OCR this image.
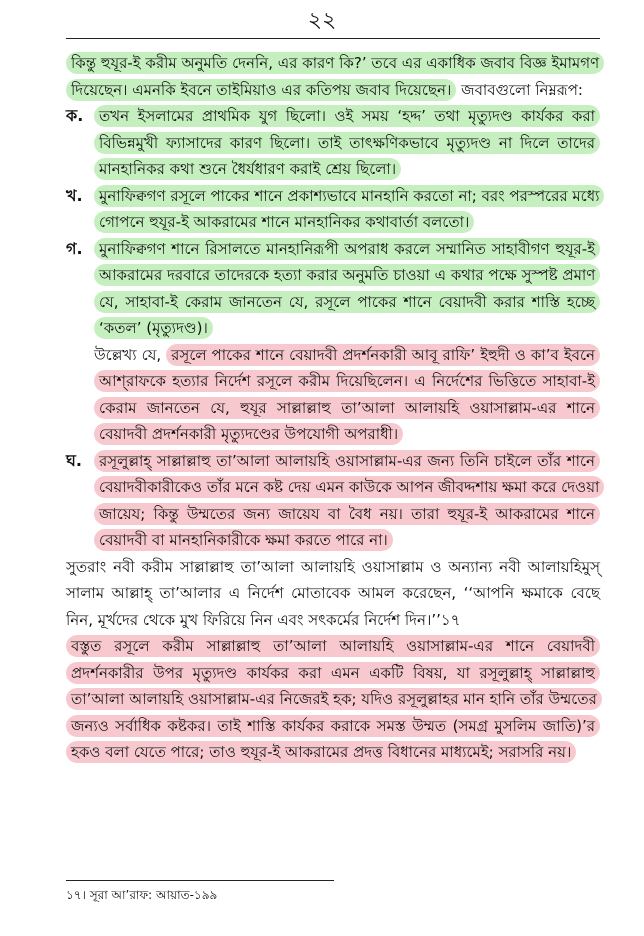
২২

কিন্তু হুযূর-ই করীম অনুমতি দেননি, এর কারণ কি?’ তবে এর একাধিক জবাব বিজ্ঞ ইমামগণ দিয়েছেন। এমনকি ইবনে তাইমিয়াও এর কতিপয় জবাব দিয়েছেন। জবাবগুলো নিম্নরূপ:

ক. তখন ইসলামের প্রাথমিক যুগ ছিলো। ওই সময় ‘হদ্দ’ তথা মৃত্যুদণ্ড কার্যকর করা বিভিন্নমুখী ফ্যাসাদের কারণ ছিলো। তাই তাৎক্ষণিকভাবে মৃত্যুদণ্ড না দিলে তাদের মানহানিকর কথা শুনে ধৈর্যধারণ করাই শ্রেয় ছিলো।

খ. মুনাফিক্বগণ রসূলে পাকের শানে প্রকাশ্যভাবে মানহানি করতো না; বরং পরস্পরের মধ্যে গোপনে হুযূর-ই আকরামের শানে মানহানিকর কথাবার্তা বলতো।

গ. মুনাফিক্বগণ শানে রিসালতে মানহানিরূপী অপরাধ করলে সম্মানিত সাহাবীগণ হুযূর-ই আকরামের দরবারে তাদেরকে হত্যা করার অনুমতি চাওয়া এ কথার পক্ষে সুস্পষ্ট প্রমাণ যে, সাহাবা-ই কেরাম জানতেন যে, রসূলে পাকের শানে বেয়াদবী করার শাস্তি হচ্ছে ‘কতল’ (মৃত্যুদণ্ড)।

উল্লেখ্য যে, রসূলে পাকের শানে বেয়াদবী প্রদর্শনকারী আবূ রাফি’ ইহুদী ও কা’ব ইবনে আশ্‌রাফকে হত্যার নির্দেশ রসূলে করীম দিয়েছিলেন। এ নির্দেশের ভিত্তিতে সাহাবা-ই কেরাম জানতেন যে, হুযূর সাল্লাল্লাহু তা’আলা আলায়হি ওয়াসাল্লাম-এর শানে বেয়াদবী প্রদর্শনকারী মৃত্যুদণ্ডের উপযোগী অপরাধী।

ঘ. রসূলুল্লাহ্‌ সাল্লাল্লাহু তা’আলা আলায়হি ওয়াসাল্লাম-এর জন্য তিনি চাইলে তাঁর শানে বেয়াদবীকারীকেও তাঁর মনে কষ্ট দেয় এমন কাউকে আপন জীবদ্দশায় ক্ষমা করে দেওয়া জায়েয; কিন্তু উম্মতের জন্য জায়েয বা বৈধ নয়। তারা হুযূর-ই আকরামের শানে বেয়াদবী বা মানহানিকারীকে ক্ষমা করতে পারে না।

সুতরাং নবী করীম সাল্লাল্লাহু তা’আলা আলায়হি ওয়াসাল্লাম ও অন্যান্য নবী আলায়হিমুস্‌ সালাম আল্লাহ্‌ তা’আলার এ নির্দেশ মোতাবেক আমল করেছেন, ‘‘আপনি ক্ষমাকে বেছে নিন, মূর্খদের থেকে মুখ ফিরিয়ে নিন এবং সৎকর্মের নির্দেশ দিন।’’১৭

বস্তুত রসূলে করীম সাল্লাল্লাহু তা’আলা আলায়হি ওয়াসাল্লাম-এর শানে বেয়াদবী প্রদর্শনকারীর উপর মৃত্যুদণ্ড কার্যকর করা এমন একটি বিষয়, যা রসূলুল্লাহ্‌ সাল্লাল্লাহু তা’আলা আলায়হি ওয়াসাল্লাম-এর নিজেরই হক; যদিও রসূলুল্লাহর মান হানি তাঁর উম্মতের জন্যও সর্বাধিক কষ্টকর। তাই শাস্তি কার্যকর করাকে সমস্ত উম্মত (সমগ্র মুসলিম জাতি)’র হকও বলা যেতে পারে; তাও হুযূর-ই আকরামের প্রদত্ত বিধানের মাধ্যমেই; সরাসরি নয়।

১৭। সূরা আ’রাফ: আয়াত-১৯৯
